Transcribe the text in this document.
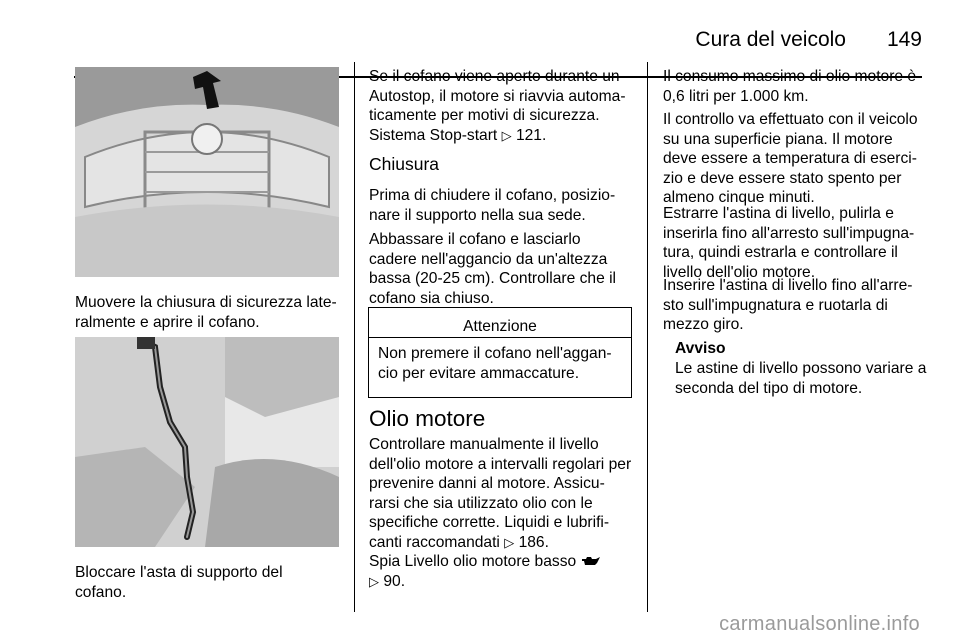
Cura del veicolo 149
Muovere la chiusura di sicurezza late-
ralmente e aprire il cofano.
Bloccare l'asta di supporto del
cofano.
Se il cofano viene aperto durante un
Autostop, il motore si riavvia automa-
ticamente per motivi di sicurezza.
Sistema Stop-start ▷ 121.
Chiusura
Prima di chiudere il cofano, posizio-
nare il supporto nella sua sede.
Abbassare il cofano e lasciarlo
cadere nell'aggancio da un'altezza
bassa (20-25 cm). Controllare che il
cofano sia chiuso.
Attenzione
Non premere il cofano nell'aggan-
cio per evitare ammaccature.
Olio motore
Controllare manualmente il livello
dell'olio motore a intervalli regolari per
prevenire danni al motore. Assicu-
rarsi che sia utilizzato olio con le
specifiche corrette. Liquidi e lubrifi-
canti raccomandati ▷ 186.
Spia Livello olio motore basso
▷ 90.
Il consumo massimo di olio motore è
0,6 litri per 1.000 km.
Il controllo va effettuato con il veicolo
su una superficie piana. Il motore
deve essere a temperatura di eserci-
zio e deve essere stato spento per
almeno cinque minuti.
Estrarre l'astina di livello, pulirla e
inserirla fino all'arresto sull'impugna-
tura, quindi estrarla e controllare il
livello dell'olio motore.
Inserire l'astina di livello fino all'arre-
sto sull'impugnatura e ruotarla di
mezzo giro.
Avviso
Le astine di livello possono variare a
seconda del tipo di motore.
carmanualsonline.info
